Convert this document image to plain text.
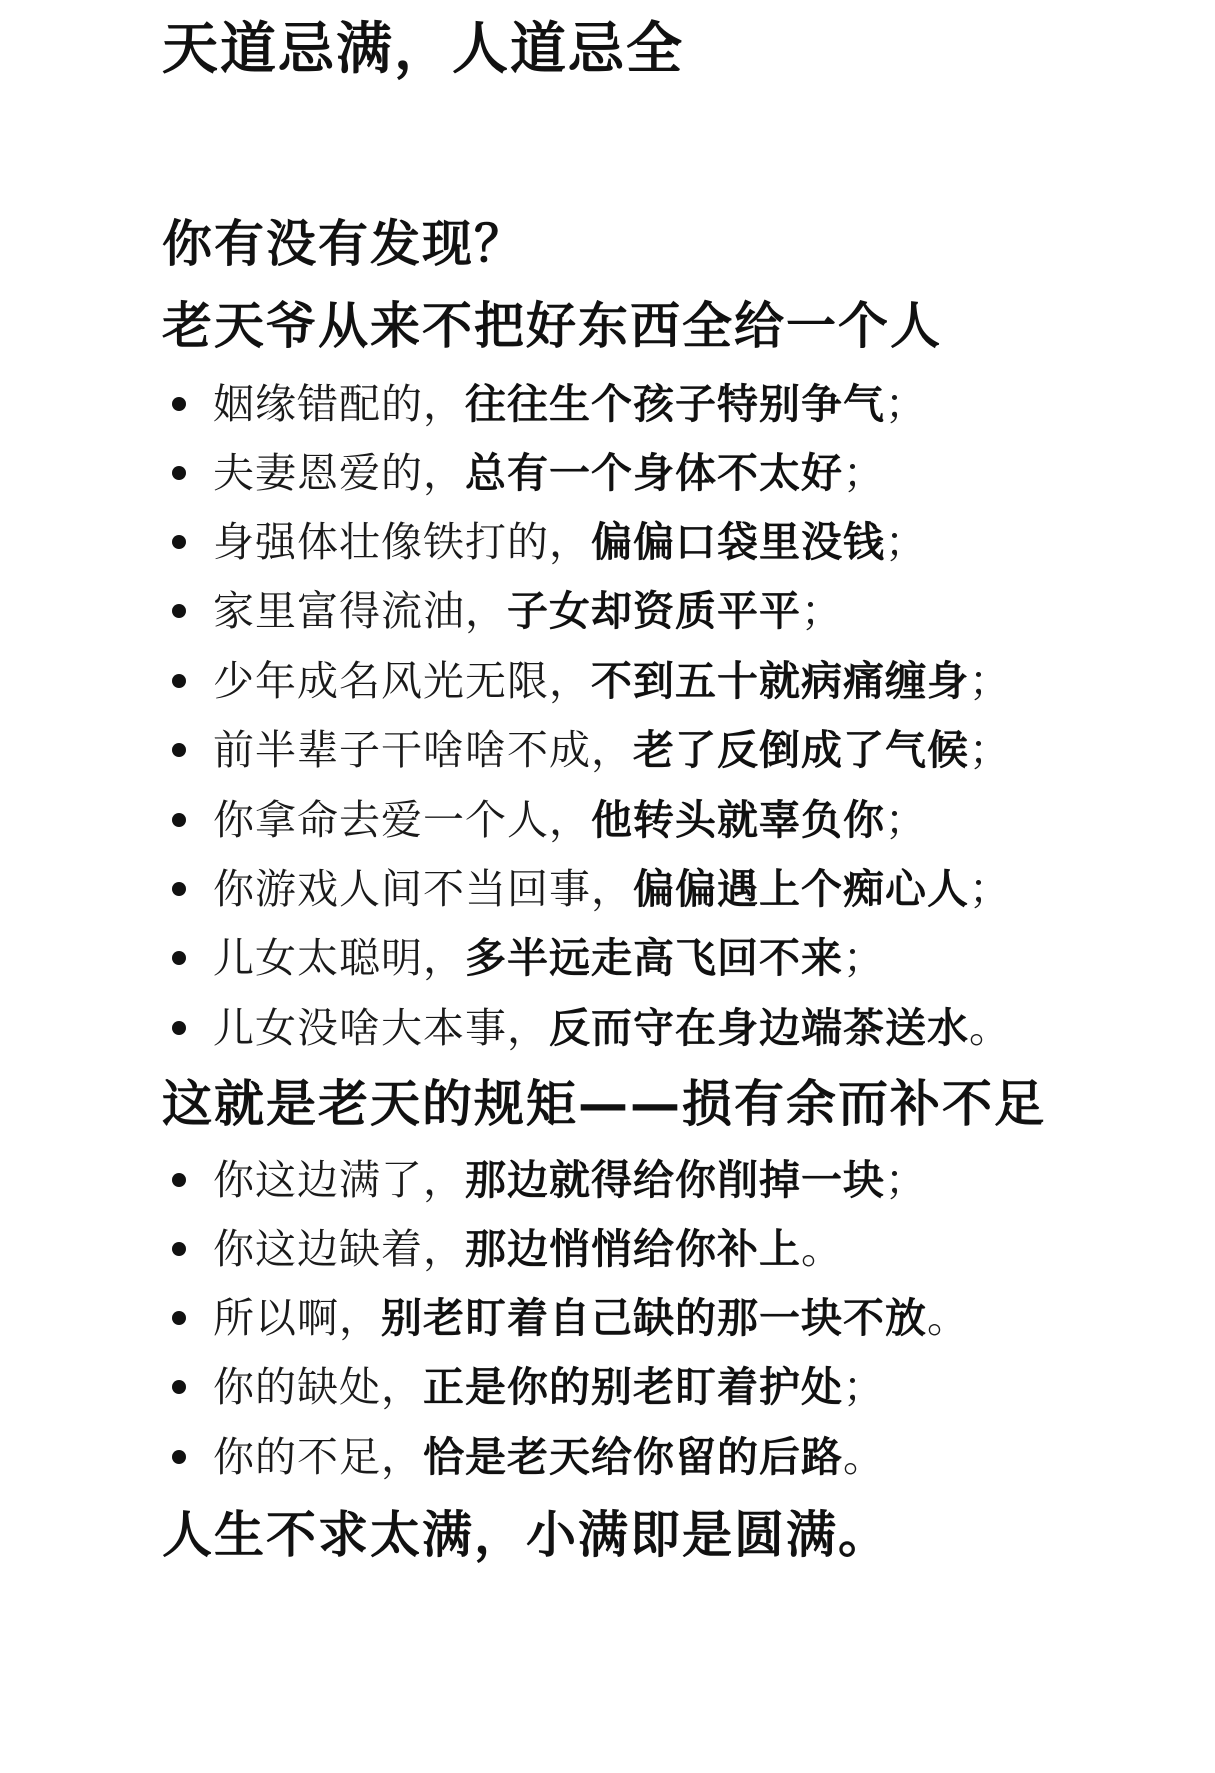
天道忌满，人道忌全
你有没有发现？
老天爷从来不把好东西全给一个人
姻缘错配的， 往往生个孩子特别争气 ；
夫妻恩爱的， 总有一个身体不太好 ；
身强体壮像铁打的， 偏偏口袋里没钱 ；
家里富得流油， 子女却资质平平 ；
少年成名风光无限， 不到五十就病痛缠身 ；
前半辈子干啥啥不成， 老了反倒成了气候 ；
你拿命去爱一个人， 他转头就辜负你 ；
你游戏人间不当回事， 偏偏遇上个痴心人 ；
儿女太聪明， 多半远走高飞回不来 ；
儿女没啥大本事， 反而守在身边端茶送水 。
这就是老天的规矩——损有余而补不足
你这边满了， 那边就得给你削掉一块 ；
你这边缺着， 那边悄悄给你补上 。
所以啊， 别老盯着自己缺的那一块不放 。
你的缺处， 正是你的别老盯着护处 ；
你的不足， 恰是老天给你留的后路 。
人生不求太满，小满即是圆满。
